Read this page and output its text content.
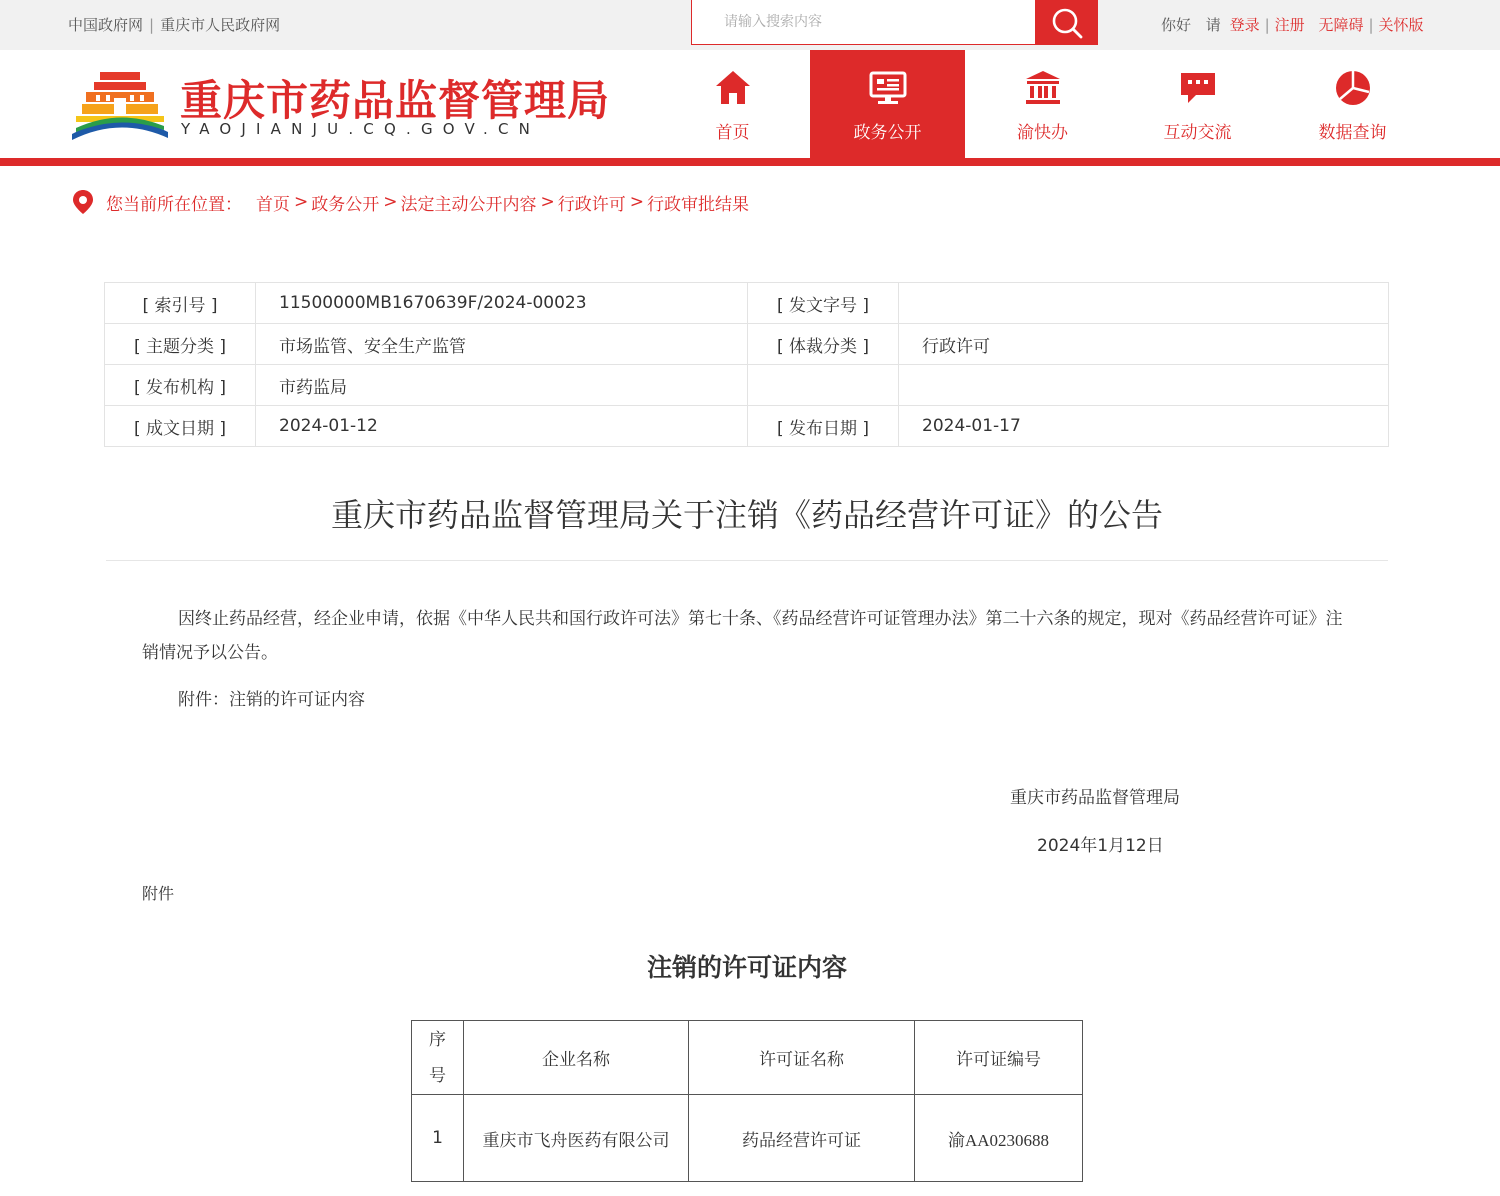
中国政府网 | 重庆市人民政府网
请输入搜索内容	你好 请 登录 | 注册 无障碍 | 关怀版
重庆市药品监督管理局
YAOJIANJU.CQ.GOV.CN	首页	政务公开	渝快办	互动交流	数据查询
您当前所在位置： 首页 > 政务公开 > 法定主动公开内容 > 行政许可 > 行政审批结果
[ 索引号 ]	11500000MB1670639F/2024-00023	[ 发文字号 ]	
[ 主题分类 ]	市场监管、安全生产监管	[ 体裁分类 ]	行政许可
[ 发布机构 ]	市药监局		
[ 成文日期 ]	2024-01-12	[ 发布日期 ]	2024-01-17
重庆市药品监督管理局关于注销《药品经营许可证》的公告

因终止药品经营，经企业申请，依据《中华人民共和国行政许可法》第七十条、《药品经营许可证管理办法》第二十六条的规定，现对《药品经营许可证》注销情况予以公告。

附件：注销的许可证内容
重庆市药品监督管理局
2024年1月12日
附件
注销的许可证内容
序号	企业名称	许可证名称	许可证编号
1	重庆市飞舟医药有限公司	药品经营许可证	渝AA0230688
